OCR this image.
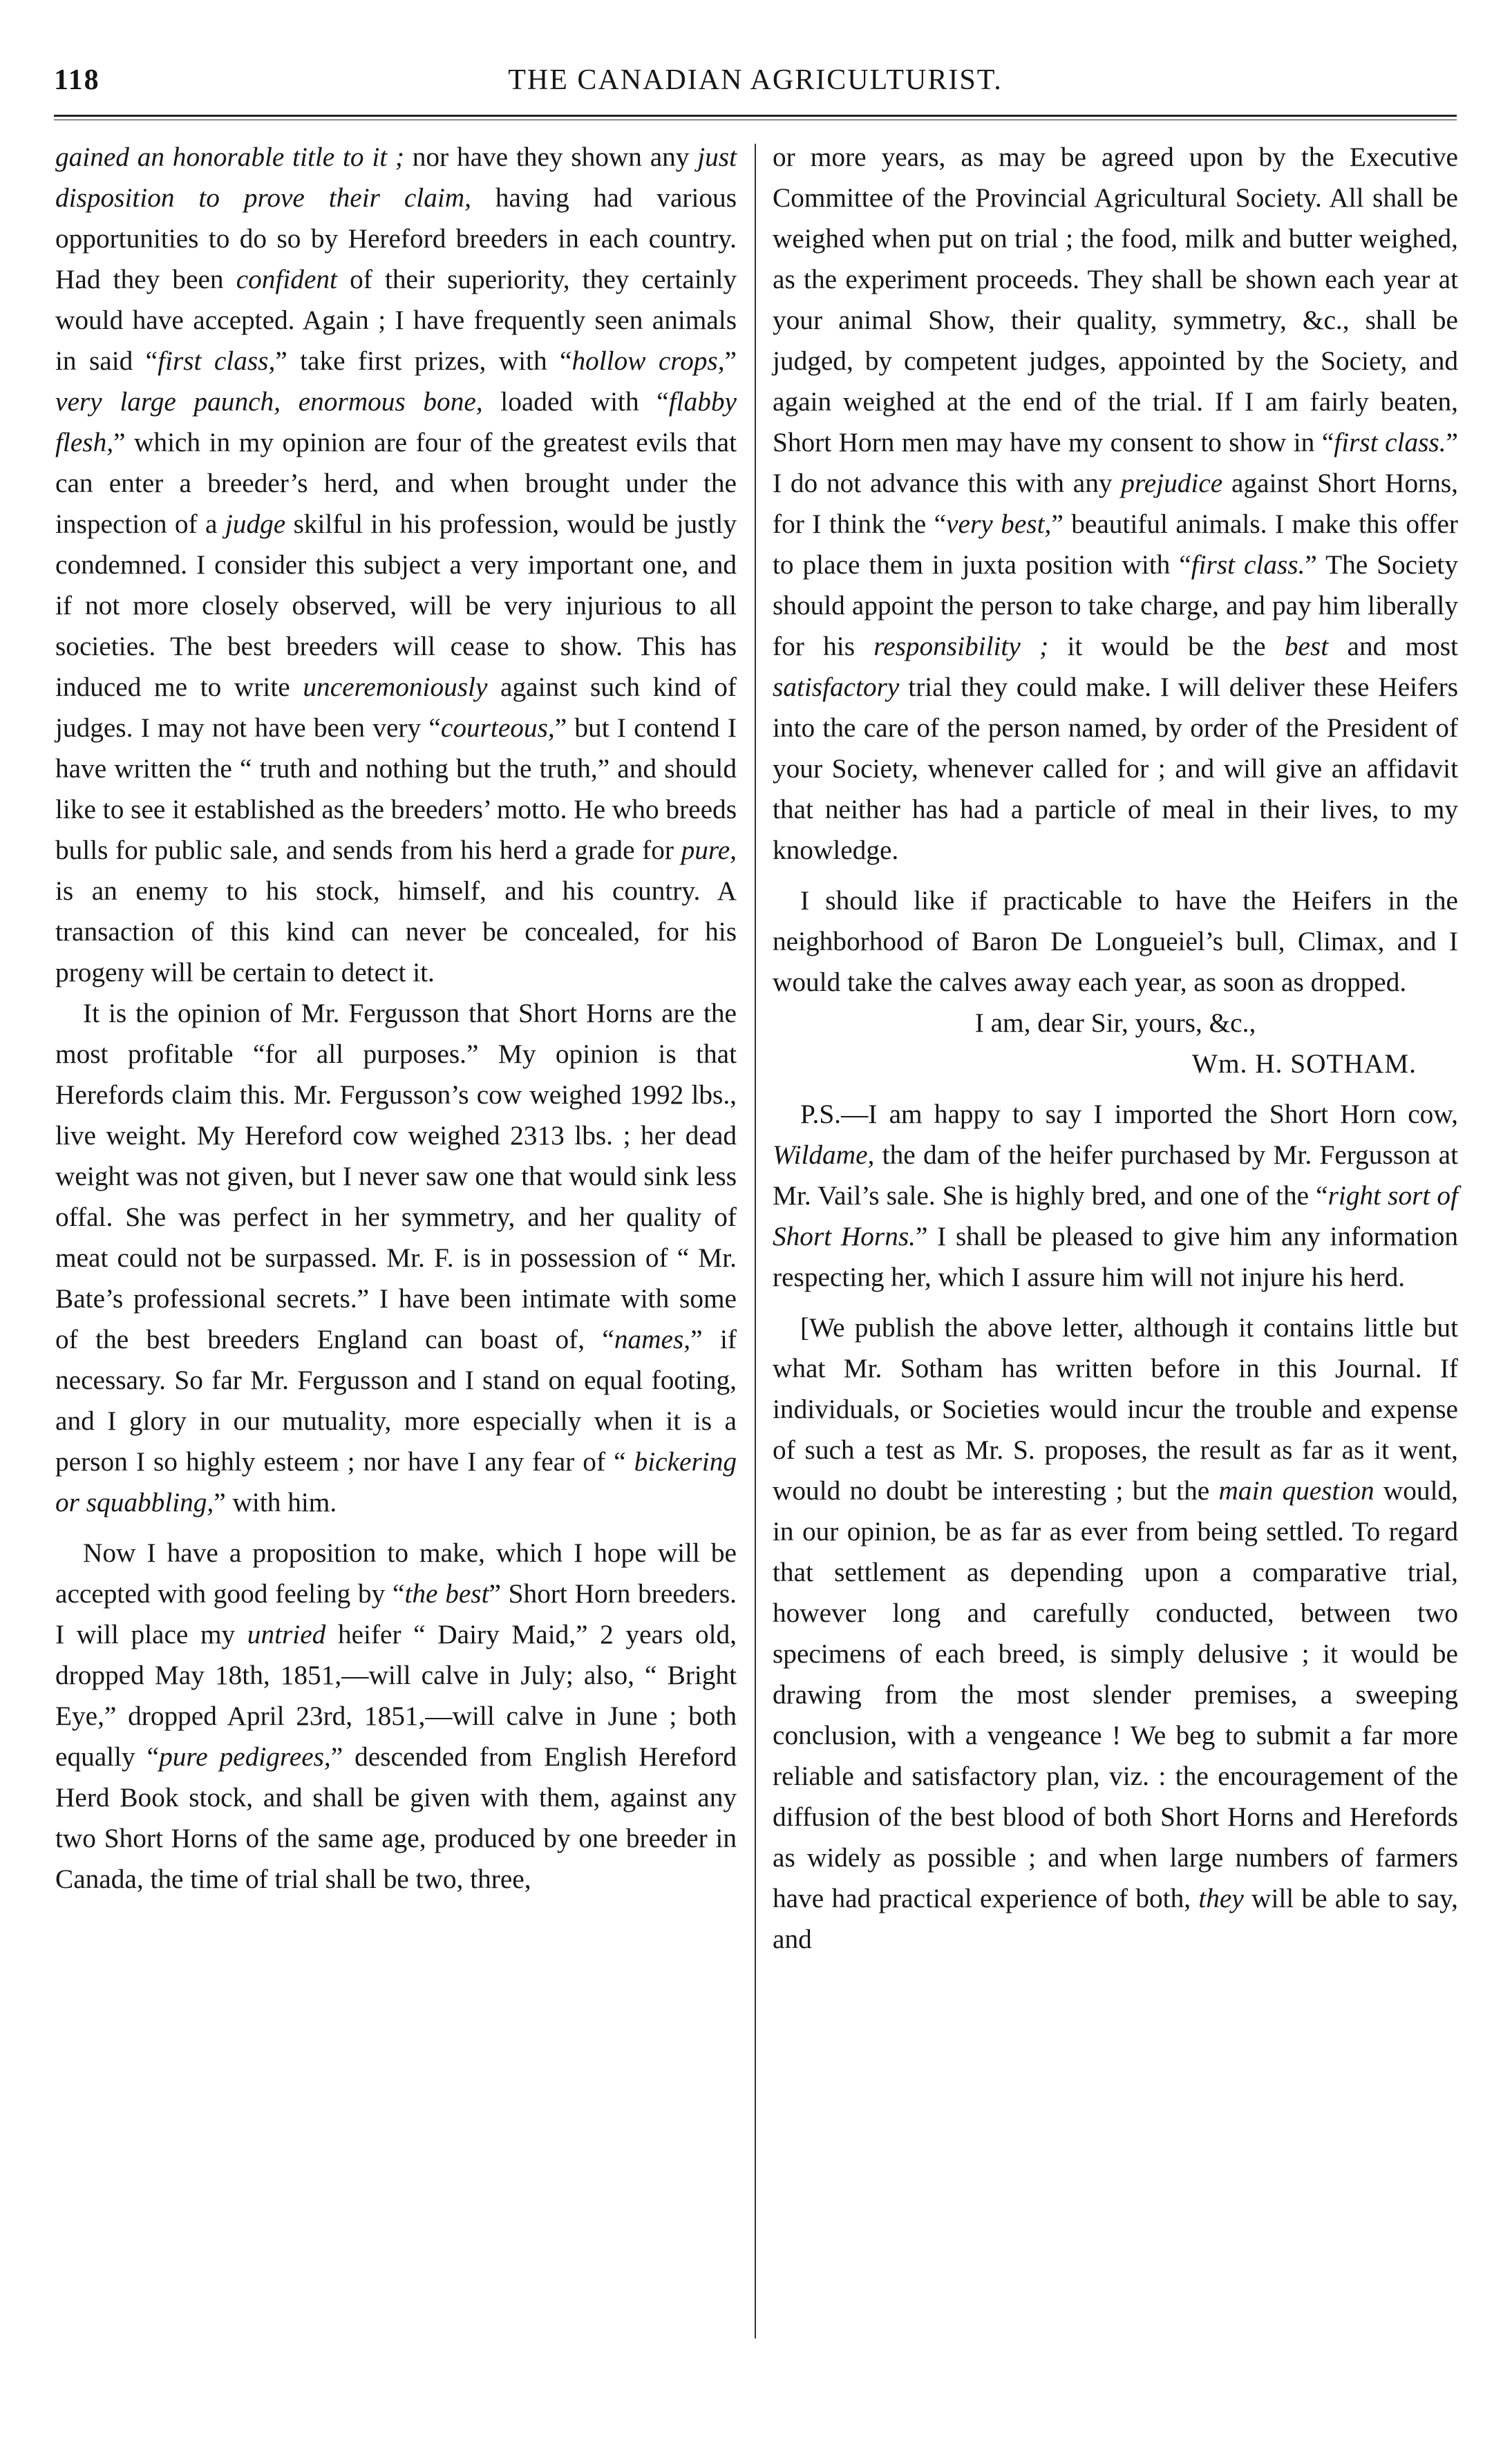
118	THE CANADIAN AGRICULTURIST.

gained an honorable title to it ; nor have they shown any just disposition to prove their claim, having had various opportunities to do so by Hereford breeders in each country. Had they been confident of their superiority, they certainly would have accepted. Again ; I have frequently seen animals in said “first class,” take first prizes, with “hollow crops,” very large paunch, enormous bone, loaded with “flabby flesh,” which in my opinion are four of the greatest evils that can enter a breeder’s herd, and when brought under the inspection of a judge skilful in his profession, would be justly condemned. I consider this subject a very important one, and if not more closely observed, will be very injurious to all societies. The best breeders will cease to show. This has induced me to write unceremoniously against such kind of judges. I may not have been very “courteous,” but I contend I have written the “ truth and nothing but the truth,” and should like to see it established as the breeders’ motto. He who breeds bulls for public sale, and sends from his herd a grade for pure, is an enemy to his stock, himself, and his country. A transaction of this kind can never be concealed, for his progeny will be certain to detect it.

It is the opinion of Mr. Fergusson that Short Horns are the most profitable “for all purposes.” My opinion is that Herefords claim this. Mr. Fergusson’s cow weighed 1992 lbs., live weight. My Hereford cow weighed 2313 lbs. ; her dead weight was not given, but I never saw one that would sink less offal. She was perfect in her symmetry, and her quality of meat could not be surpassed. Mr. F. is in possession of “ Mr. Bate’s professional secrets.” I have been intimate with some of the best breeders England can boast of, “names,” if necessary. So far Mr. Fergusson and I stand on equal footing, and I glory in our mutuality, more especially when it is a person I so highly esteem ; nor have I any fear of “ bickering or squabbling,” with him.

Now I have a proposition to make, which I hope will be accepted with good feeling by “the best” Short Horn breeders. I will place my untried heifer “ Dairy Maid,” 2 years old, dropped May 18th, 1851,—will calve in July; also, “ Bright Eye,” dropped April 23rd, 1851,—will calve in June ; both equally “pure pedigrees,” descended from English Hereford Herd Book stock, and shall be given with them, against any two Short Horns of the same age, produced by one breeder in Canada, the time of trial shall be two, three,

or more years, as may be agreed upon by the Executive Committee of the Provincial Agricultural Society. All shall be weighed when put on trial ; the food, milk and butter weighed, as the experiment proceeds. They shall be shown each year at your animal Show, their quality, symmetry, &c., shall be judged, by competent judges, appointed by the Society, and again weighed at the end of the trial. If I am fairly beaten, Short Horn men may have my consent to show in “first class.” I do not advance this with any prejudice against Short Horns, for I think the “very best,” beautiful animals. I make this offer to place them in juxta position with “first class.” The Society should appoint the person to take charge, and pay him liberally for his responsibility ; it would be the best and most satisfactory trial they could make. I will deliver these Heifers into the care of the person named, by order of the President of your Society, whenever called for ; and will give an affidavit that neither has had a particle of meal in their lives, to my knowledge.

I should like if practicable to have the Heifers in the neighborhood of Baron De Longueiel’s bull, Climax, and I would take the calves away each year, as soon as dropped.

I am, dear Sir, yours, &c.,
Wm. H. SOTHAM.

P.S.—I am happy to say I imported the Short Horn cow, Wildame, the dam of the heifer purchased by Mr. Fergusson at Mr. Vail’s sale. She is highly bred, and one of the “right sort of Short Horns.” I shall be pleased to give him any information respecting her, which I assure him will not injure his herd.

[We publish the above letter, although it contains little but what Mr. Sotham has written before in this Journal. If individuals, or Societies would incur the trouble and expense of such a test as Mr. S. proposes, the result as far as it went, would no doubt be interesting ; but the main question would, in our opinion, be as far as ever from being settled. To regard that settlement as depending upon a comparative trial, however long and carefully conducted, between two specimens of each breed, is simply delusive ; it would be drawing from the most slender premises, a sweeping conclusion, with a vengeance ! We beg to submit a far more reliable and satisfactory plan, viz. : the encouragement of the diffusion of the best blood of both Short Horns and Herefords as widely as possible ; and when large numbers of farmers have had practical experience of both, they will be able to say, and
